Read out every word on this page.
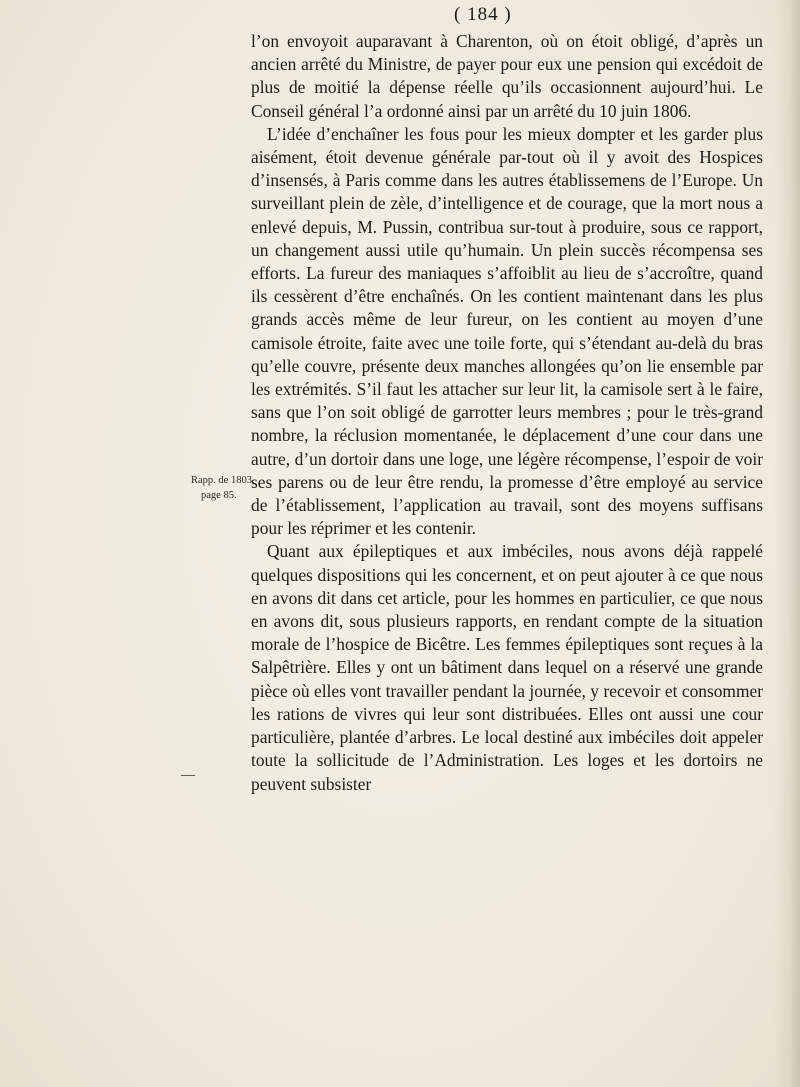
( 184 )
Rapp. de 1803,
page 85.

l’on envoyoit auparavant à Charenton, où on étoit obligé, d’après un ancien arrêté du Ministre, de payer pour eux une pension qui excédoit de plus de moitié la dépense réelle qu’ils occasionnent aujourd’hui. Le Conseil général l’a ordonné ainsi par un arrêté du 10 juin 1806.

L’idée d’enchaîner les fous pour les mieux dompter et les garder plus aisément, étoit devenue générale par-tout où il y avoit des Hospices d’insensés, à Paris comme dans les autres établissemens de l’Europe. Un surveillant plein de zèle, d’intelligence et de courage, que la mort nous a enlevé depuis, M. Pussin, contribua sur-tout à produire, sous ce rapport, un changement aussi utile qu’humain. Un plein succès récompensa ses efforts. La fureur des maniaques s’affoiblit au lieu de s’accroître, quand ils cessèrent d’être enchaînés. On les contient maintenant dans les plus grands accès même de leur fureur, on les contient au moyen d’une camisole étroite, faite avec une toile forte, qui s’étendant au-delà du bras qu’elle couvre, présente deux manches allongées qu’on lie ensemble par les extrémités. S’il faut les attacher sur leur lit, la camisole sert à le faire, sans que l’on soit obligé de garrotter leurs membres ; pour le très-grand nombre, la réclusion momentanée, le déplacement d’une cour dans une autre, d’un dortoir dans une loge, une légère récompense, l’espoir de voir ses parens ou de leur être rendu, la promesse d’être employé au service de l’établissement, l’application au travail, sont des moyens suffisans pour les réprimer et les contenir.

Quant aux épileptiques et aux imbéciles, nous avons déjà rappelé quelques dispositions qui les concernent, et on peut ajouter à ce que nous en avons dit dans cet article, pour les hommes en particulier, ce que nous en avons dit, sous plusieurs rapports, en rendant compte de la situation morale de l’hospice de Bicêtre. Les femmes épileptiques sont reçues à la Salpêtrière. Elles y ont un bâtiment dans lequel on a réservé une grande pièce où elles vont travailler pendant la journée, y recevoir et consommer les rations de vivres qui leur sont distribuées. Elles ont aussi une cour particulière, plantée d’arbres. Le local destiné aux imbéciles doit appeler toute la sollicitude de l’Administration. Les loges et les dortoirs ne peuvent subsister
